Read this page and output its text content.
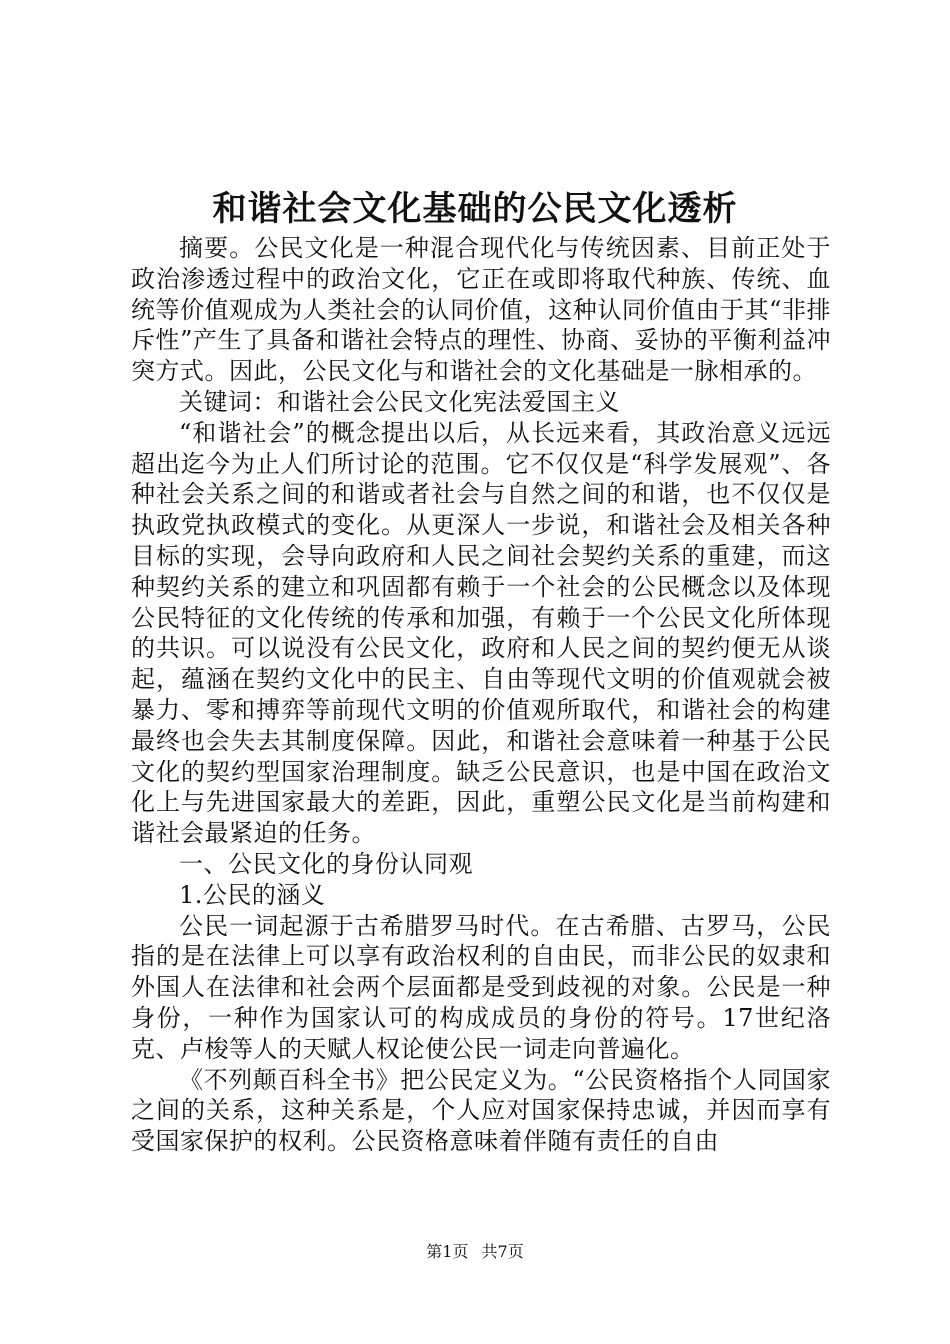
和谐社会文化基础的公民文化透析

摘要。公民文化是一种混合现代化与传统因素、目前正处于政治渗透过程中的政治文化，它正在或即将取代种族、传统、血统等价值观成为人类社会的认同价值，这种认同价值由于其“非排斥性”产生了具备和谐社会特点的理性、协商、妥协的平衡利益冲突方式。因此，公民文化与和谐社会的文化基础是一脉相承的。

关键词：和谐社会公民文化宪法爱国主义

“和谐社会”的概念提出以后，从长远来看，其政治意义远远超出迄今为止人们所讨论的范围。它不仅仅是“科学发展观”、各种社会关系之间的和谐或者社会与自然之间的和谐，也不仅仅是执政党执政模式的变化。从更深人一步说，和谐社会及相关各种目标的实现，会导向政府和人民之间社会契约关系的重建，而这种契约关系的建立和巩固都有赖于一个社会的公民概念以及体现公民特征的文化传统的传承和加强，有赖于一个公民文化所体现的共识。可以说没有公民文化，政府和人民之间的契约便无从谈起，蕴涵在契约文化中的民主、自由等现代文明的价值观就会被暴力、零和搏弈等前现代文明的价值观所取代，和谐社会的构建最终也会失去其制度保障。因此，和谐社会意味着一种基于公民文化的契约型国家治理制度。缺乏公民意识，也是中国在政治文化上与先进国家最大的差距，因此，重塑公民文化是当前构建和谐社会最紧迫的任务。

一、公民文化的身份认同观

1.公民的涵义

公民一词起源于古希腊罗马时代。在古希腊、古罗马，公民指的是在法律上可以享有政治权利的自由民，而非公民的奴隶和外国人在法律和社会两个层面都是受到歧视的对象。公民是一种身份，一种作为国家认可的构成成员的身份的符号。17世纪洛克、卢梭等人的天赋人权论使公民一词走向普遍化。

《不列颠百科全书》把公民定义为。“公民资格指个人同国家之间的关系，这种关系是，个人应对国家保持忠诚，并因而享有受国家保护的权利。公民资格意味着伴随有责任的自由

第1页 共7页
